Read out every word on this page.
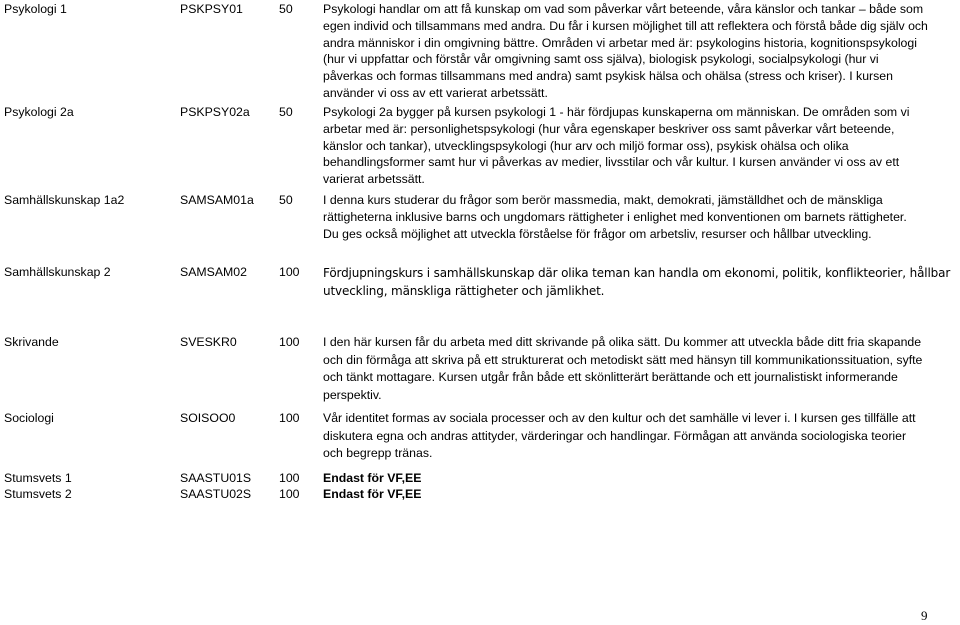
Psykologi 1	PSKPSY01	50	Psykologi handlar om att få kunskap om vad som påverkar vårt beteende, våra känslor och tankar – både som
egen individ och tillsammans med andra. Du får i kursen möjlighet till att reflektera och förstå både dig själv och
andra människor i din omgivning bättre. Områden vi arbetar med är: psykologins historia, kognitionspsykologi
(hur vi uppfattar och förstår vår omgivning samt oss själva), biologisk psykologi, socialpsykologi (hur vi
påverkas och formas tillsammans med andra) samt psykisk hälsa och ohälsa (stress och kriser). I kursen
använder vi oss av ett varierat arbetssätt.
Psykologi 2a	PSKPSY02a	50	Psykologi 2a bygger på kursen psykologi 1 - här fördjupas kunskaperna om människan. De områden som vi
arbetar med är: personlighetspsykologi (hur våra egenskaper beskriver oss samt påverkar vårt beteende,
känslor och tankar), utvecklingspsykologi (hur arv och miljö formar oss), psykisk ohälsa och olika
behandlingsformer samt hur vi påverkas av medier, livsstilar och vår kultur. I kursen använder vi oss av ett
varierat arbetssätt.
Samhällskunskap 1a2	SAMSAM01a	50	I denna kurs studerar du frågor som berör massmedia, makt, demokrati, jämställdhet och de mänskliga
rättigheterna inklusive barns och ungdomars rättigheter i enlighet med konventionen om barnets rättigheter.
Du ges också möjlighet att utveckla förståelse för frågor om arbetsliv, resurser och hållbar utveckling.
Samhällskunskap 2	SAMSAM02	100	Fördjupningskurs i samhällskunskap där olika teman kan handla om ekonomi, politik, konflikteorier, hållbar
utveckling, mänskliga rättigheter och jämlikhet.
Skrivande	SVESKR0	100	I den här kursen får du arbeta med ditt skrivande på olika sätt. Du kommer att utveckla både ditt fria skapande
och din förmåga att skriva på ett strukturerat och metodiskt sätt med hänsyn till kommunikationssituation, syfte
och tänkt mottagare. Kursen utgår från både ett skönlitterärt berättande och ett journalistiskt informerande
perspektiv.
Sociologi	SOISOO0	100	Vår identitet formas av sociala processer och av den kultur och det samhälle vi lever i. I kursen ges tillfälle att
diskutera egna och andras attityder, värderingar och handlingar. Förmågan att använda sociologiska teorier
och begrepp tränas.
Stumsvets 1	SAASTU01S	100	Endast för VF,EE
Stumsvets 2	SAASTU02S	100	Endast för VF,EE
9
